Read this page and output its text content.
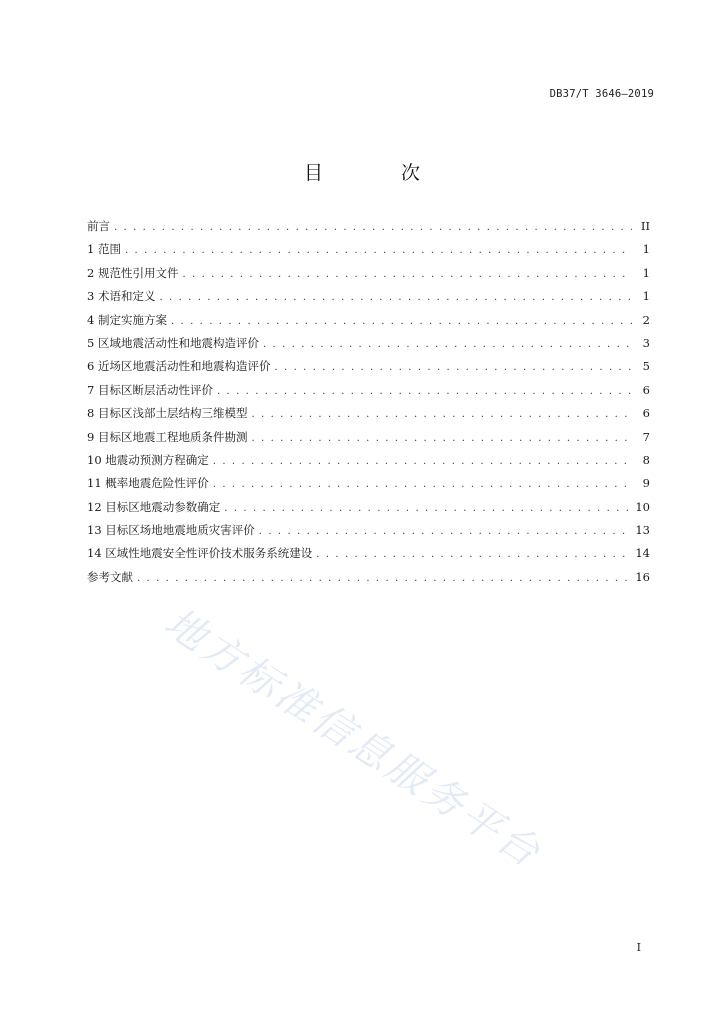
DB37/T 3646—2019
目 次
前言 . . .	II
1 范围 . . .	1
2 规范性引用文件 . . .	1
3 术语和定义 . . .	1
4 制定实施方案 . . .	2
5 区域地震活动性和地震构造评价 . . .	3
6 近场区地震活动性和地震构造评价 . . .	5
7 目标区断层活动性评价 . . .	6
8 目标区浅部土层结构三维模型 . . .	6
9 目标区地震工程地质条件勘测 . . .	7
10 地震动预测方程确定 . . .	8
11 概率地震危险性评价 . . .	9
12 目标区地震动参数确定 . . .	10
13 目标区场地地震地质灾害评价 . . .	13
14 区域性地震安全性评价技术服务系统建设 . . .	14
参考文献 . . .	16
地方标准信息服务平台
I
